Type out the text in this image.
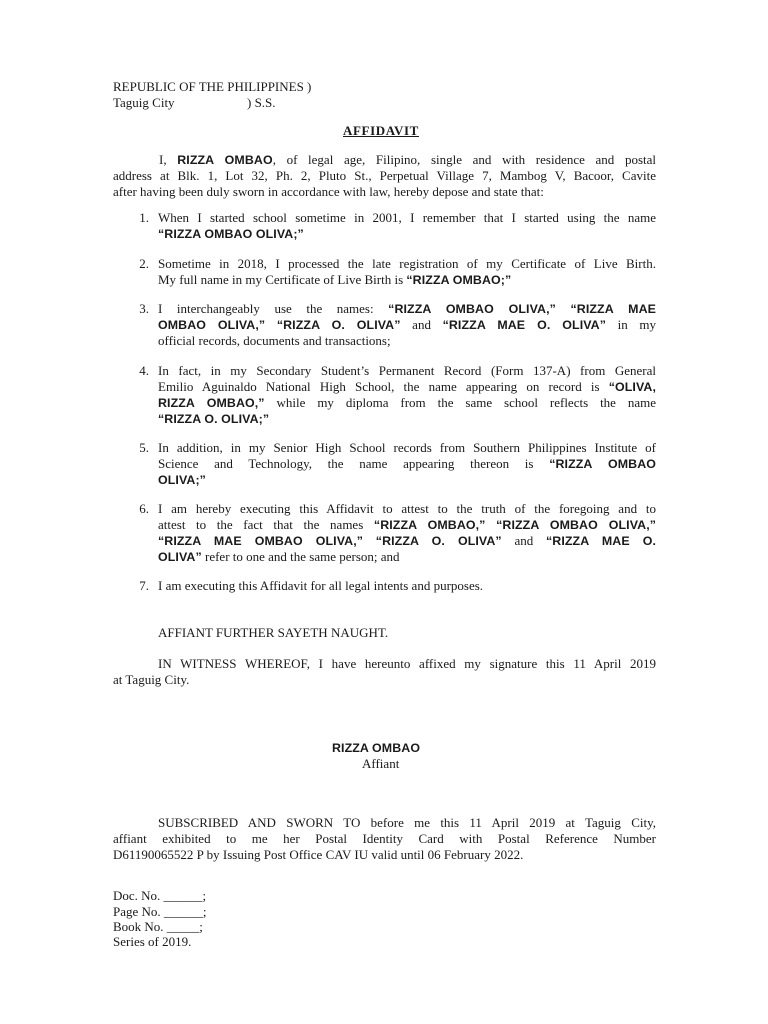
REPUBLIC OF THE PHILIPPINES )
Taguig City	) S.S.
AFFIDAVIT
I, RIZZA OMBAO, of legal age, Filipino, single and with residence and postal
address at Blk. 1, Lot 32, Ph. 2, Pluto St., Perpetual Village 7, Mambog V, Bacoor, Cavite
after having been duly sworn in accordance with law, hereby depose and state that:
1. When I started school sometime in 2001, I remember that I started using the name
“RIZZA OMBAO OLIVA;”
2. Sometime in 2018, I processed the late registration of my Certificate of Live Birth.
My full name in my Certificate of Live Birth is “RIZZA OMBAO;”
3. I interchangeably use the names: “RIZZA OMBAO OLIVA,” “RIZZA MAE
OMBAO OLIVA,” “RIZZA O. OLIVA” and “RIZZA MAE O. OLIVA” in my
official records, documents and transactions;
4. In fact, in my Secondary Student’s Permanent Record (Form 137-A) from General
Emilio Aguinaldo National High School, the name appearing on record is “OLIVA,
RIZZA OMBAO,” while my diploma from the same school reflects the name
“RIZZA O. OLIVA;”
5. In addition, in my Senior High School records from Southern Philippines Institute of
Science and Technology, the name appearing thereon is “RIZZA OMBAO
OLIVA;”
6. I am hereby executing this Affidavit to attest to the truth of the foregoing and to
attest to the fact that the names “RIZZA OMBAO,” “RIZZA OMBAO OLIVA,”
“RIZZA MAE OMBAO OLIVA,” “RIZZA O. OLIVA” and “RIZZA MAE O.
OLIVA” refer to one and the same person; and
7. I am executing this Affidavit for all legal intents and purposes.
AFFIANT FURTHER SAYETH NAUGHT.
IN WITNESS WHEREOF, I have hereunto affixed my signature this 11 April 2019
at Taguig City.
RIZZA OMBAO
Affiant
SUBSCRIBED AND SWORN TO before me this 11 April 2019 at Taguig City,
affiant exhibited to me her Postal Identity Card with Postal Reference Number
D61190065522 P by Issuing Post Office CAV IU valid until 06 February 2022.
Doc. No. ______;
Page No. ______;
Book No. _____;
Series of 2019.
